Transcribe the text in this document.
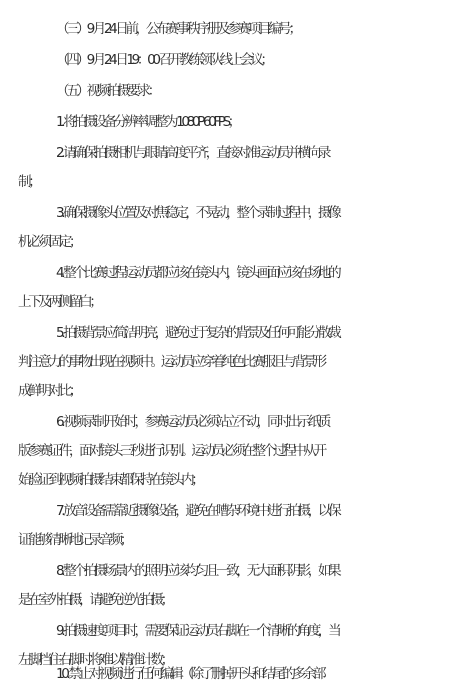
（三）9 月 24 日前，公布赛事秩序册及参赛项目编号；
（四）9 月 24 日 19：00 召开教练领队线上会议；
（五）视频拍摄要求：
1. 将拍摄设备分辨率调整为 1080P 60FPS；
2. 请确保拍摄相机与眼睛高度平齐，直接对准运动员并横向录
制；
3. 确保摄像头位置及对焦稳定，不晃动，整个录制过程中，摄像
机必须固定；
4. 整个比赛过程运动员都应该在镜头内，镜头画面应该在场地的
上下及两侧留白；
5. 拍摄背景应简洁明亮，避免过于复杂的背景及任何可能分散裁
判注意力的事物出现在视频中。运动员应穿着纯色比赛服且与背景形
成鲜明对比；
6. 视频录制开始时，参赛运动员必须站立不动，同时出示纸质
版参赛证件，面对镜头三秒进行识别。运动员必须在整个过程中从开
始验证到视频拍摄结束都保持在镜头内；
7. 放音设备需靠近摄像设备，避免在嘈杂环境中进行拍摄，以保
证能够清晰地记录音频；
8. 整个拍摄场景内的照明应该均匀且一致，无大面积阴影，如果
是在室外拍摄，请避免逆光拍摄；
9. 拍摄速度项目时，需要保证运动员右脚在一个清晰的角度，当
左脚挡住右脚时将难以精准计数；
10. 禁止对视频进行任何编辑（除了删掉开头和结尾的多余部
